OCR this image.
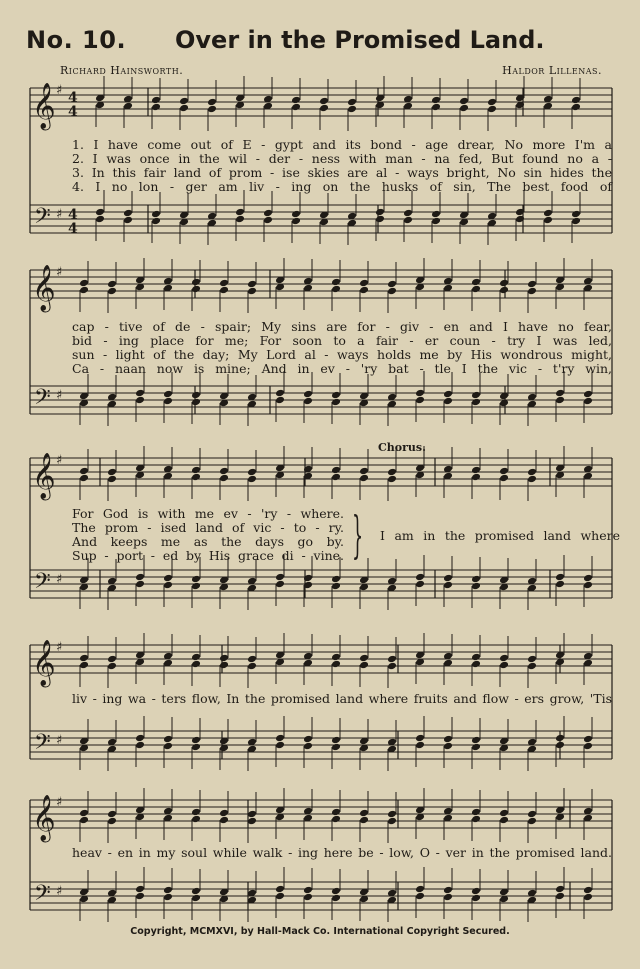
No. 10. Over in the Promised Land.
Richard Hainsworth.	Haldor Lillenas.
𝄞
𝄢
♯
♯
4
4
4
4
𝄞
𝄢
♯
♯
𝄞
𝄢
♯
♯
𝄞
𝄢
♯
♯
𝄞
𝄢
♯
♯
1. I have come out of E - gypt and its bond - age drear, No more I'm a
2. I was once in the wil - der - ness with man - na fed, But found no a -
3. In this fair land of prom - ise skies are al - ways bright, No sin hides the
4. I no lon - ger am liv - ing on the husks of sin, The best food of
cap - tive of de - spair; My sins are for - giv - en and I have no fear,
bid - ing place for me; For soon to a fair - er coun - try I was led,
sun - light of the day; My Lord al - ways holds me by His wondrous might,
Ca - naan now is mine; And in ev - 'ry bat - tle I the vic - t'ry win,
Chorus.
For God is with me ev - 'ry - where.
The prom - ised land of vic - to - ry.
And keeps me as the days go by.
Sup - port - ed by His grace di - vine. } I am in the promised land where
liv - ing wa - ters flow, In the promised land where fruits and flow - ers grow, 'Tis
heav - en in my soul while walk - ing here be - low, O - ver in the promised land.
Copyright, MCMXVI, by Hall-Mack Co. International Copyright Secured.
